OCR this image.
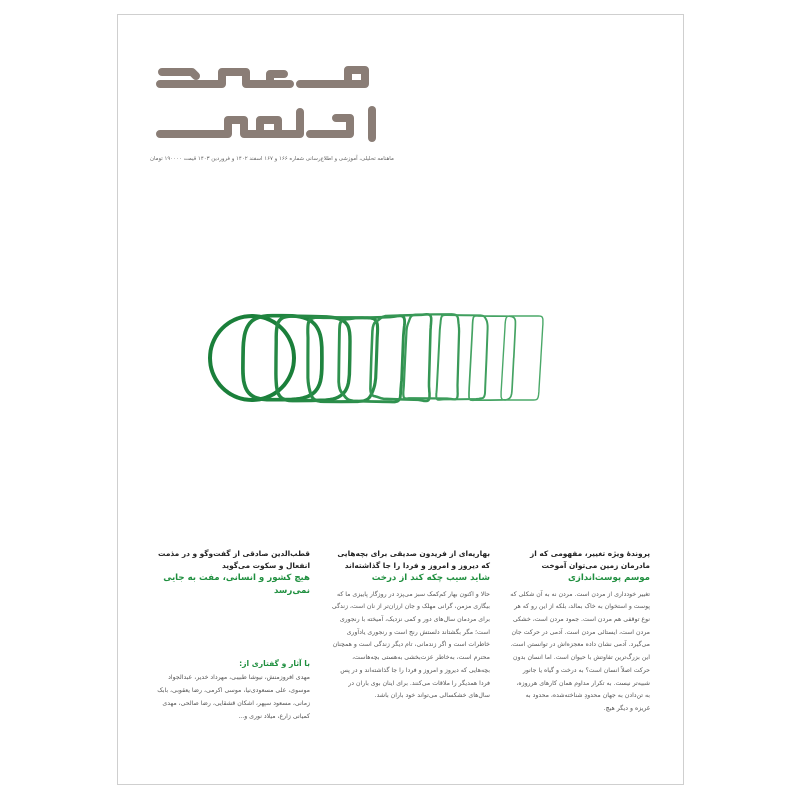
ماهنامه تحلیلی، آموزشی و اطلاع‌رسانی شماره ۱۶۶ و ۱۶۷ اسفند ۱۴۰۲ و فروردین ۱۴۰۳ قیمت ۱۹۰۰۰۰ تومان
پروندۀ ویژه تغییر، مفهومی که از مادرمان زمین می‌توان آموخت
موسم پوست‌اندازی
تغییر خودداری از مردن است. مردن نه به آن شکلی که پوست و استخوان به خاک بمالد، بلکه از این رو که هر نوع توقفی هم مردن است. جمود مردن است، خشکی مردن است، ایستائی مردن است. آدمی در حرکت جان می‌گیرد. آدمی نشان داده معجزه‌اش در توانستن است. این بزرگ‌ترین تفاوتش با حیوان است. اما انسان بدون حرکت اصلاً انسان است؟ به درخت و گیاه یا جانور شبیه‌تر نیست. به تکرار مداوم همان کارهای هرروزه، به تن‌دادن به جهان محدودِ شناخته‌شده، محدود به غریزه و دیگر هیچ.
بهاریه‌ای از فریدون صدیقی برای بچه‌هایی که دیروز و امروز و فردا را جا گذاشته‌اند
شاید سیب چکه کند از درخت
حالا و اکنون بهار کم‌کمک سبز می‌پزد در روزگار پاییزی ما که بیگاری مزمن، گرانی مهلک و جان ارزان‌تر از نان است، زندگی برای مردمان سال‌های دور و کمی نزدیک، آمیخته با رنجوری است؛ مگر بگشتاند دلستش رنج است و رنجوری یادآوری خاطرات است و اگر زندمانی، تام دیگر زندگی است و همچنان محترم است، به‌خاطر عزت‌بخشی به‌هستی بچه‌هاست، بچه‌هایی که دیروز و امروز و فردا را جا گذاشته‌اند و در پس فردا همدیگر را ملاقات می‌کنند. برای اینان بوی باران در سال‌های خشکسالی می‌تواند خود باران باشد.
قطب‌الدین صادقی از گفت‌وگو و در مذمت انفعال و سکوت می‌گوید
هیچ کشور و انسانی، مفت به جایی نمی‌رسد
با آثار و گفتاری از:
مهدی افروزمنش، نیوشا طبیبی، مهرداد خدیر، عبدالجواد موسوی، علی مسعودی‌نیا، موسی اکرمی، رضا یعقوبی، بابک زمانی، مسعود سپهر، اشکان قشقایی، رضا صالحی، مهدی کمیانی زارع، میلاد نوری و...
